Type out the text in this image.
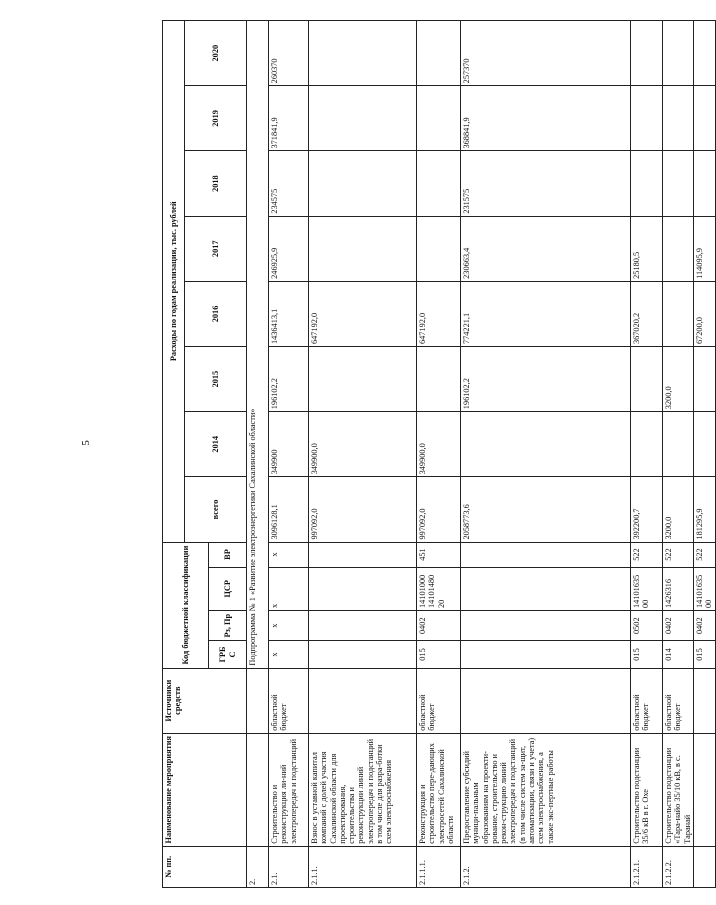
5
№ пп.	Наименование мероприятия	Источники средств	Код бюджетной классификации				Расходы по годам реализации, тыс. рублей							
							всего	2014	2015	2016	2017	2018	2019	2020
			ГРБ С	Рз, Пр	ЦСР	ВР								
2.			Подпрограмма № 1 «Развитие электроэнергетики Сахалинской области»											
2.1.	Строительство и реконструкция ли-ний электропередач и подстанций	областной бюджет	х	х	х	х	3096128,1	349900	196102,2	1436413,1	246925,9	234575	371841,9	260370
2.1.1.	Взнос в уставной капитал компаний с долей участия Сахалинской области для проектирования, строительства и реконструкции линий электропередач и подстанций в том числе для разра-ботки схем электроснабжения						997092,0	349900,0		647192,0				
2.1.1.1.	Реконструкция и строительство пере-дающих электросетей Сахалинской области	областной бюджет	015	0402	14101000 14101480 20	451	997092,0	349900,0		647192,0				
2.1.2.	Предоставление субсидий муници-пальным образованиям на проекти-рование, строительство и рекон-струкцию линий электропередач и подстанций (в том числе систем за-щит, автоматизации, связи и учета) схем электроснабжения, а также экс-пертные работы						2058773,6		196102,2	774221,1	230663,4	231575	368841,9	257370
2.1.2.1.	Строительство подстанции 35/6 кВ в г. Охе	областной бюджет	015	0502	14101635 00	522	392200,7			367020,2	25180,5			
2.1.2.2.	Строительство подстанции «Тара-найо 35/10 кВ, в с. Таранай	областной бюджет	014	0402	1426316	522	3200,0		3200,0					
			015	0402	14101635 00	522	181295,9			67200,0	114095,9			
